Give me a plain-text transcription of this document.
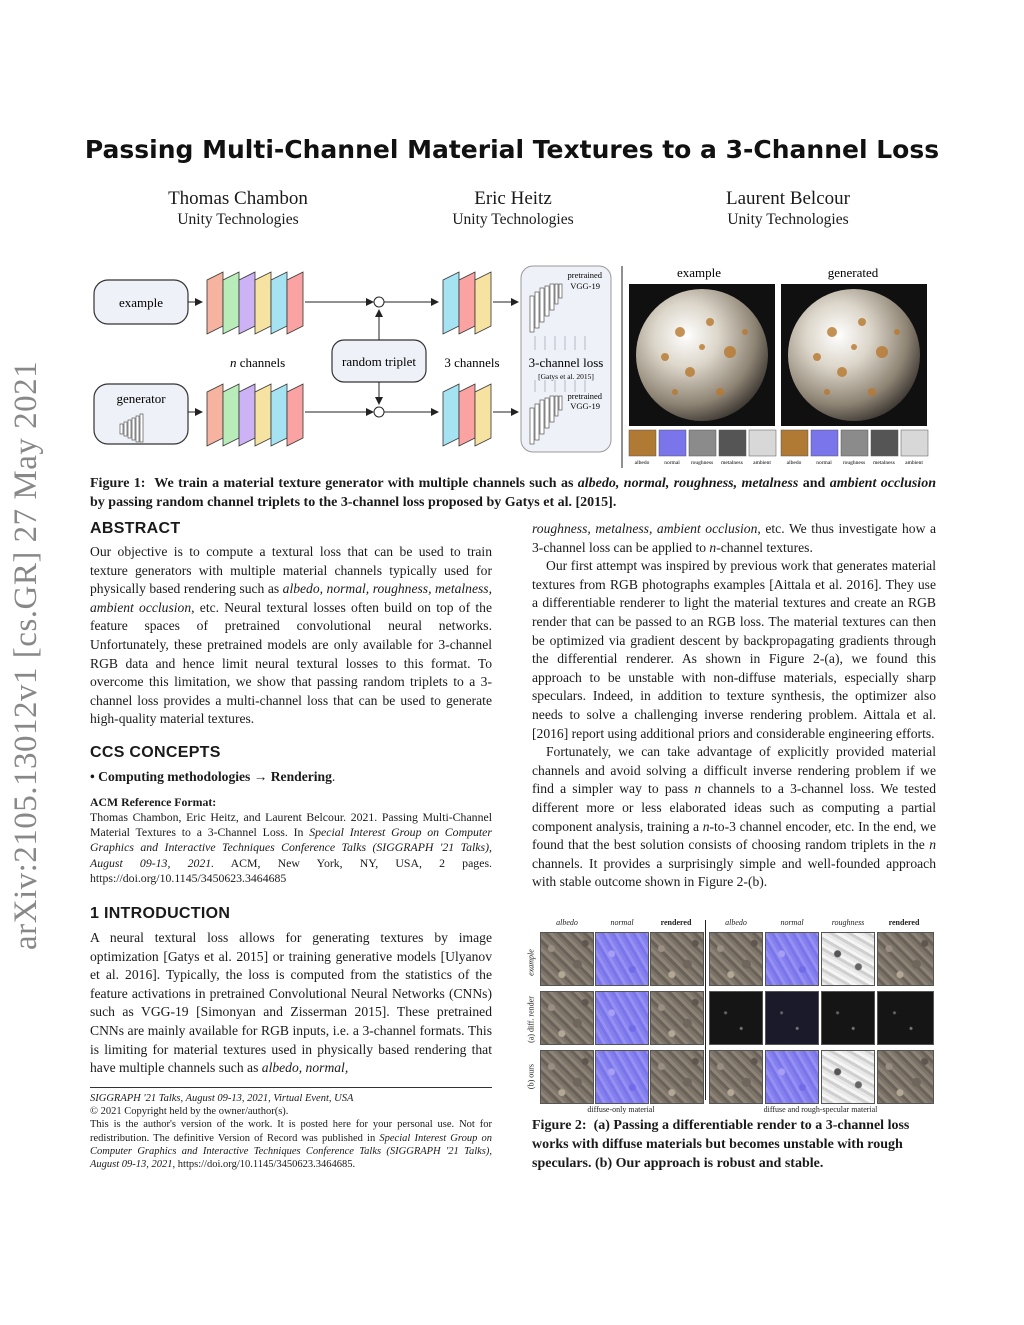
Passing Multi-Channel Material Textures to a 3-Channel Loss
Thomas Chambon
Unity Technologies
Eric Heitz
Unity Technologies
Laurent Belcour
Unity Technologies
arXiv:2105.13012v1 [cs.GR] 27 May 2021
example
generator
n channels	random triplet 3 channels
pretrained
VGG-19
3-channel loss
[Gatys et al. 2015]
pretrained
VGG-19
example	generated
albedo	normal roughness metalness ambient	albedo	normal roughness metalness ambient
Figure 1: We train a material texture generator with multiple channels such as albedo, normal, roughness, metalness and ambient occlusion by passing random channel triplets to the 3-channel loss proposed by Gatys et al. [2015].
ABSTRACT

Our objective is to compute a textural loss that can be used to train texture generators with multiple material channels typically used for physically based rendering such as albedo, normal, roughness, metalness, ambient occlusion, etc. Neural textural losses often build on top of the feature spaces of pretrained convolutional neural networks. Unfortunately, these pretrained models are only available for 3-channel RGB data and hence limit neural textural losses to this format. To overcome this limitation, we show that passing random triplets to a 3-channel loss provides a multi-channel loss that can be used to generate high-quality material textures.

CCS CONCEPTS
• Computing methodologies → Rendering.
ACM Reference Format:
Thomas Chambon, Eric Heitz, and Laurent Belcour. 2021. Passing Multi-Channel Material Textures to a 3-Channel Loss. In Special Interest Group on Computer Graphics and Interactive Techniques Conference Talks (SIGGRAPH '21 Talks), August 09-13, 2021. ACM, New York, NY, USA, 2 pages. https://doi.org/10.1145/3450623.3464685
1 INTRODUCTION

A neural textural loss allows for generating textures by image optimization [Gatys et al. 2015] or training generative models [Ulyanov et al. 2016]. Typically, the loss is computed from the statistics of the feature activations in pretrained Convolutional Neural Networks (CNNs) such as VGG-19 [Simonyan and Zisserman 2015]. These pretrained CNNs are mainly available for RGB inputs, i.e. a 3-channel formats. This is limiting for material textures used in physically based rendering that have multiple channels such as albedo, normal,

SIGGRAPH '21 Talks, August 09-13, 2021, Virtual Event, USA
© 2021 Copyright held by the owner/author(s).
This is the author's version of the work. It is posted here for your personal use. Not for redistribution. The definitive Version of Record was published in Special Interest Group on Computer Graphics and Interactive Techniques Conference Talks (SIGGRAPH '21 Talks), August 09-13, 2021, https://doi.org/10.1145/3450623.3464685.

roughness, metalness, ambient occlusion, etc. We thus investigate how a 3-channel loss can be applied to n-channel textures.

Our first attempt was inspired by previous work that generates material textures from RGB photographs examples [Aittala et al. 2016]. They use a differentiable renderer to light the material textures and create an RGB render that can be passed to an RGB loss. The material textures can then be optimized via gradient descent by backpropagating gradients through the differential renderer. As shown in Figure 2-(a), we found this approach to be unstable with non-diffuse materials, especially sharp speculars. Indeed, in addition to texture synthesis, the optimizer also needs to solve a challenging inverse rendering problem. Aittala et al. [2016] report using additional priors and considerable engineering efforts.

Fortunately, we can take advantage of explicitly provided material channels and avoid solving a difficult inverse rendering problem if we find a simpler way to pass n channels to a 3-channel loss. We tested different more or less elaborated ideas such as computing a partial component analysis, training a n-to-3 channel encoder, etc. In the end, we found that the best solution consists of choosing random triplets in the n channels. It provides a surprisingly simple and well-founded approach with stable outcome shown in Figure 2-(b).

albedo	normal	rendered	albedo	normal	roughness	rendered
example
(a) diff. render
(b) ours
diffuse-only material	diffuse and rough-specular material
Figure 2: (a) Passing a differentiable render to a 3-channel loss works with diffuse materials but becomes unstable with rough speculars. (b) Our approach is robust and stable.
